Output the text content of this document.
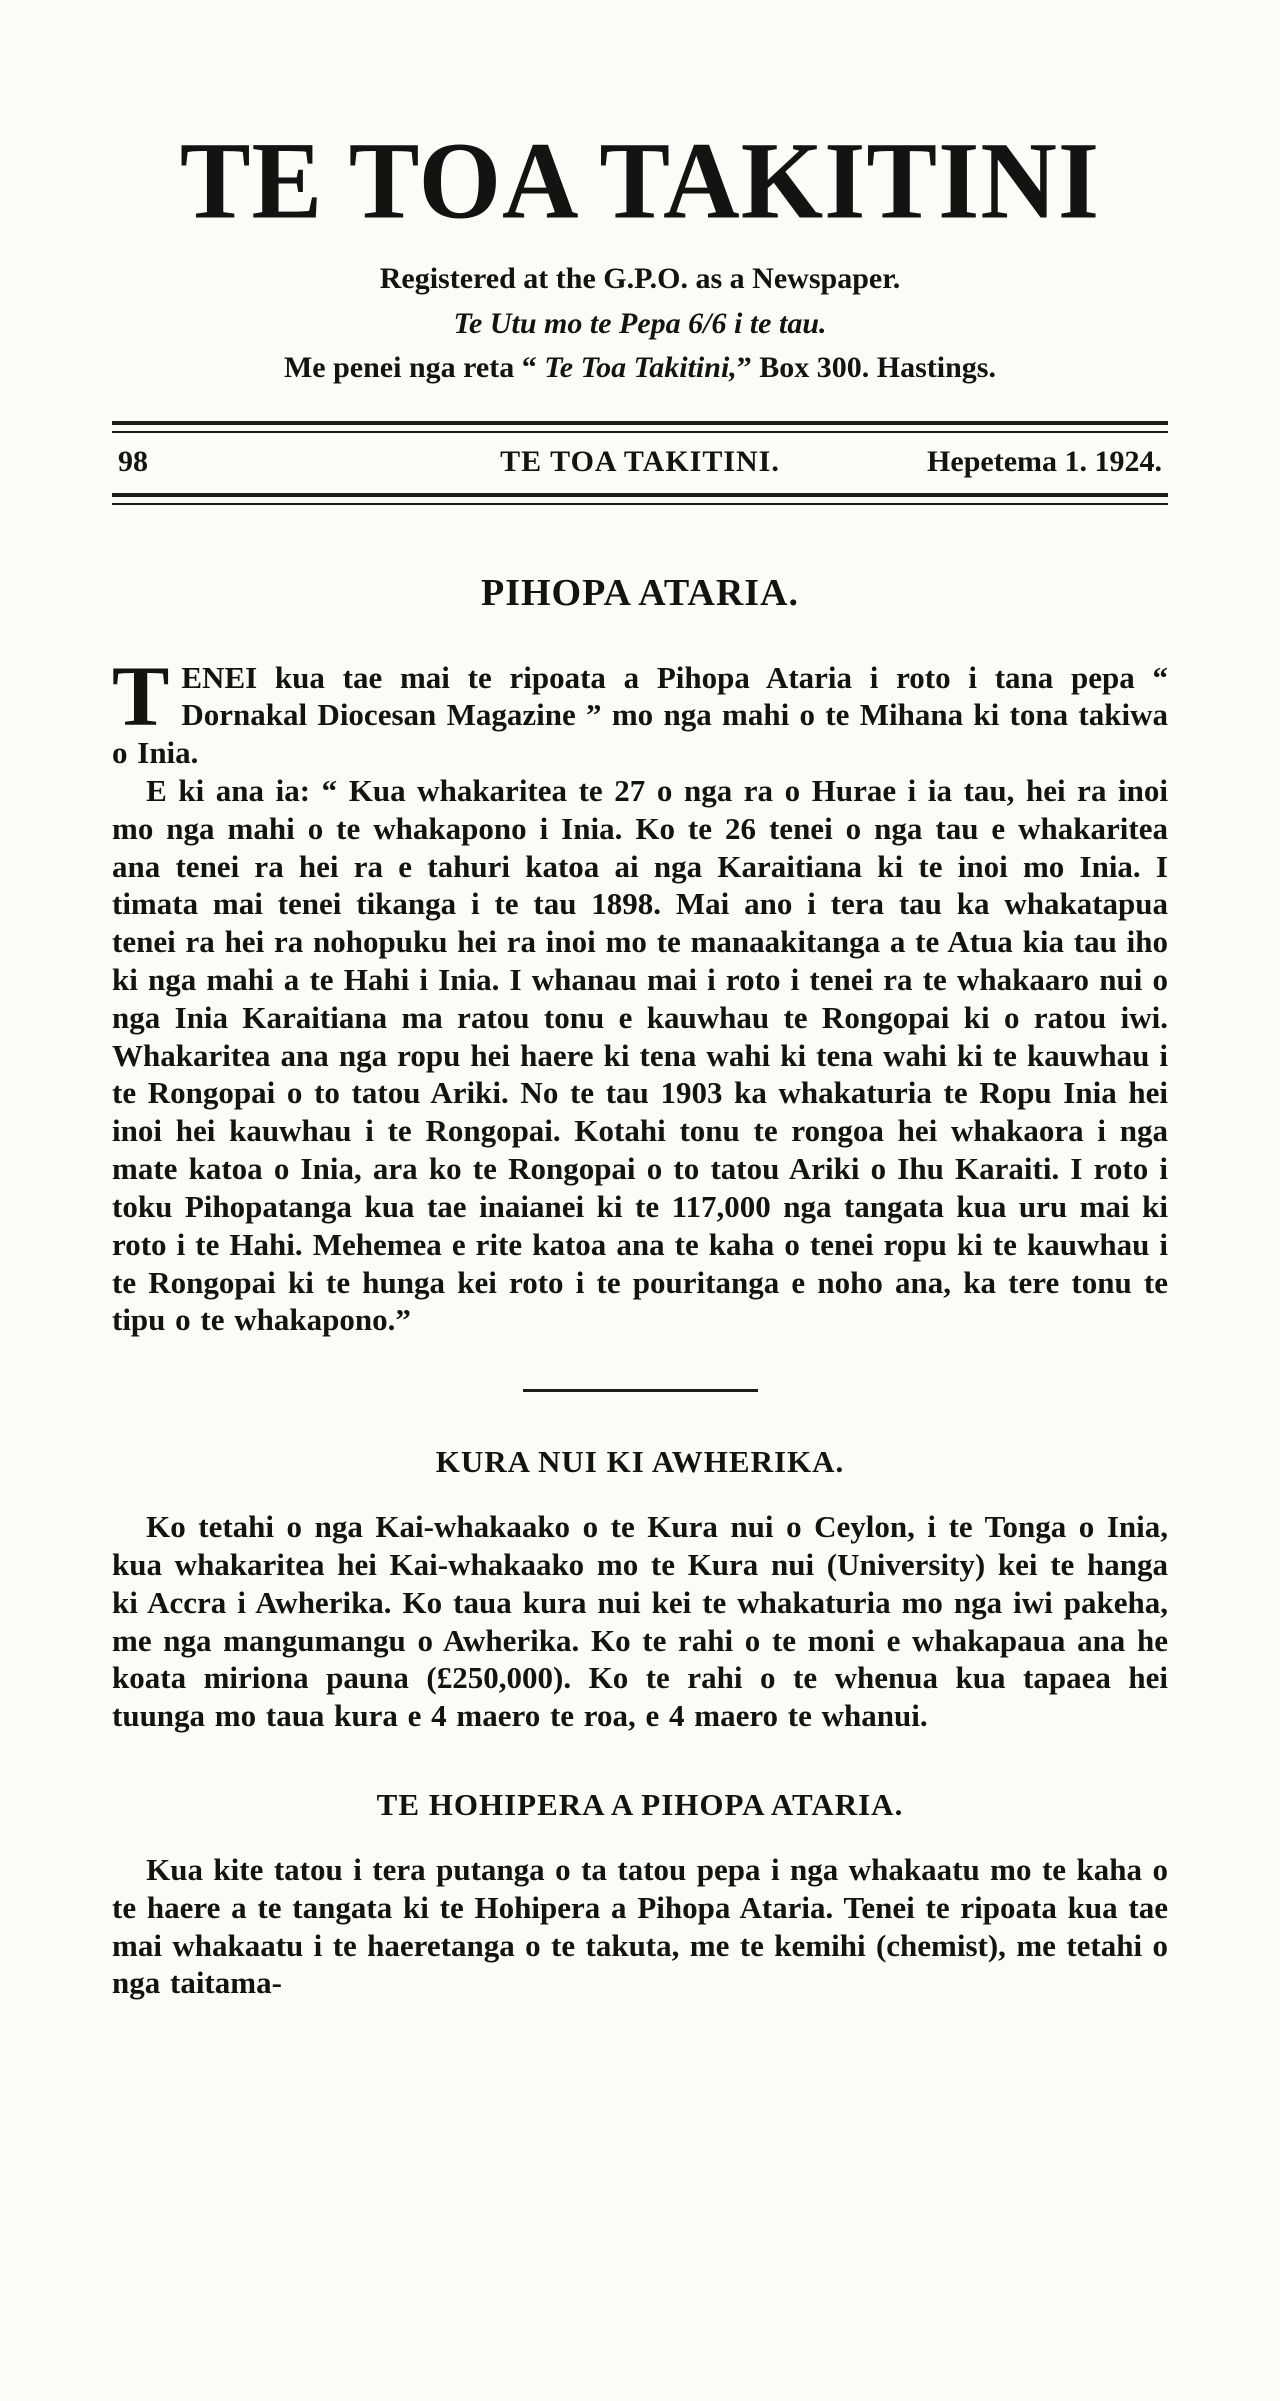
TE TOA TAKITINI

Registered at the G.P.O. as a Newspaper.

Te Utu mo te Pepa 6/6 i te tau.

Me penei nga reta “ Te Toa Takitini,” Box 300. Hastings.

98	TE TOA TAKITINI.	Hepetema 1. 1924.
PIHOPA ATARIA.

TENEI kua tae mai te ripoata a Pihopa Ataria i roto i tana pepa “ Dornakal Diocesan Magazine ” mo nga mahi o te Mihana ki tona takiwa o Inia.

E ki ana ia: “ Kua whakaritea te 27 o nga ra o Hurae i ia tau, hei ra inoi mo nga mahi o te whakapono i Inia. Ko te 26 tenei o nga tau e whakaritea ana tenei ra hei ra e tahuri katoa ai nga Karaitiana ki te inoi mo Inia. I timata mai tenei tikanga i te tau 1898. Mai ano i tera tau ka whakatapua tenei ra hei ra nohopuku hei ra inoi mo te manaakitanga a te Atua kia tau iho ki nga mahi a te Hahi i Inia. I whanau mai i roto i tenei ra te whakaaro nui o nga Inia Karaitiana ma ratou tonu e kauwhau te Rongopai ki o ratou iwi. Whakaritea ana nga ropu hei haere ki tena wahi ki tena wahi ki te kauwhau i te Rongopai o to tatou Ariki. No te tau 1903 ka whakaturia te Ropu Inia hei inoi hei kauwhau i te Rongopai. Kotahi tonu te rongoa hei whakaora i nga mate katoa o Inia, ara ko te Rongopai o to tatou Ariki o Ihu Karaiti. I roto i toku Pihopatanga kua tae inaianei ki te 117,000 nga tangata kua uru mai ki roto i te Hahi. Mehemea e rite katoa ana te kaha o tenei ropu ki te kauwhau i te Rongopai ki te hunga kei roto i te pouritanga e noho ana, ka tere tonu te tipu o te whakapono.”

KURA NUI KI AWHERIKA.

Ko tetahi o nga Kai-whakaako o te Kura nui o Ceylon, i te Tonga o Inia, kua whakaritea hei Kai-whakaako mo te Kura nui (University) kei te hanga ki Accra i Awherika. Ko taua kura nui kei te whakaturia mo nga iwi pakeha, me nga mangumangu o Awherika. Ko te rahi o te moni e whakapaua ana he koata miriona pauna (£250,000). Ko te rahi o te whenua kua tapaea hei tuunga mo taua kura e 4 maero te roa, e 4 maero te whanui.

TE HOHIPERA A PIHOPA ATARIA.

Kua kite tatou i tera putanga o ta tatou pepa i nga whakaatu mo te kaha o te haere a te tangata ki te Hohipera a Pihopa Ataria. Tenei te ripoata kua tae mai whakaatu i te haeretanga o te takuta, me te kemihi (chemist), me tetahi o nga taitama-
